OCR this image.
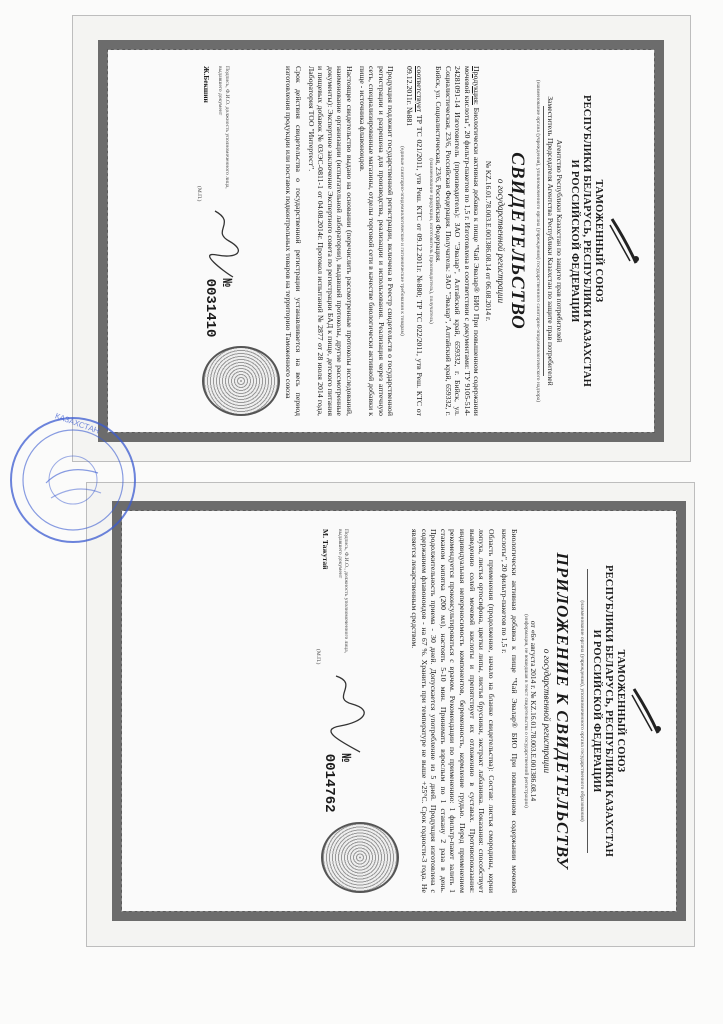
ТАМОЖЕННЫЙ СОЮЗ
РЕСПУБЛИКИ БЕЛАРУСЬ, РЕСПУБЛИКИ КАЗАХСТАН
И РОССИЙСКОЙ ФЕДЕРАЦИИ
Агентство Республики Казахстан по защите прав потребителей
Заместитель Председателя Агентства Республики Казахстан по защите прав потребителей
(наименование органа (учреждения), уполномоченного органа (учреждения) государственного санитарно-эпидемиологического надзора)
СВИДЕТЕЛЬСТВО
о государственной регистрации
№ KZ.16.01.78.003.Е.001386.08.14 от 06.08.2014 г.
Продукция: Биологически активная добавка к пище "Чай Эвалар® БИО При повышенном содержании мочевой кислоты", 20 фильтр-пакетов по 1,5 г. Изготовлена в соответствии с документами: ТУ 9105-514-24281091-14 Изготовитель (производитель): ЗАО "Эвалар", Алтайский край, 659332, г. Бийск, ул. Социалистическая, 23/6, Российская Федерация. Получатель: ЗАО "Эвалар", Алтайский край, 659332, г. Бийск, ул. Социалистическая, 23/6, Российская Федерация.
(наименование продукции, изготовитель (производитель), получатель)
соответствует ТР ТС 021/2011, утв Реш. КТС от 09.12.2011г. №880; ТР ТС 022/2011, утв Реш. КТС от 09.12.2011г. №881
(единые санитарно-эпидемиологические и гигиенические требования к товарам)
Продукция подлежит государственной регистрации, включена в Реестр свидетельств о государственной регистрации и разрешена для производства, реализации и использования. Реализация через аптечную сеть, специализированные магазины, отделы торговой сети в качестве биологически активной добавки к пище - источника флавоноидов.
Настоящее свидетельство выдано на основании (перечислить рассмотренные протоколы исследований, наименование организации (испытательной лаборатории), выдавшей протоколы, другие рассмотренные документы): Экспертное заключение Экспертного совета по регистрации БАД к пище, детского питания и пищевых добавок № 03/ЭС-0811-1 от 04.08.2014г. Протокол испытаний № 2877 от 28 июля 2014 года, Лаборатория ТОО "Интертест".
Срок действия свидетельства о государственной регистрации устанавливается на весь период изготовления продукции или поставок подконтрольных товаров на территорию Таможенного союза
Подпись, Ф.И.О. должность уполномоченного лица, выдавшего документ
Ж.Бекшин
№ 0031410
(М.П.)
ТАМОЖЕННЫЙ СОЮЗ
РЕСПУБЛИКИ БЕЛАРУСЬ, РЕСПУБЛИКИ КАЗАХСТАН
И РОССИЙСКОЙ ФЕДЕРАЦИИ
(наименование органа (учреждения), уполномоченного органа государственного образования)
ПРИЛОЖЕНИЕ К СВИДЕТЕЛЬСТВУ
о государственной регистрации
от «6» августа 2014 г. № KZ.16.01.78.003.Е.001386.08.14
(информация, не вошедшая в текст свидетельства о государственной регистрации)
Биологически активная добавка к пище "Чай Эвалар® БИО При повышенном содержании мочевой кислоты", 20 фильтр-пакетов по 1,5 г.
Область применения (продолжение, начало на бланке свидетельства): Состав: листья смородины, корни лопуха, листья ортосифона, цветки липы, листья брусники, экстракт лабазника. Показания: способствует выведению солей мочевой кислоты и препятствует их отложению в суставах. Противопоказания: индивидуальная непереносимость компонентов, беременность, кормление грудью. Перед применением рекомендуется проконсультироваться с врачом. Рекомендации по применению: 1 фильтр-пакет залить 1 стаканом кипятка (200 мл), настоять 5-10 мин. Принимать взрослым по 1 стакану 2 раза в день. Продолжительность приема - 30 дней. Допускается употребление из 5 дней. Продукция изготовлена с содержанием флавоноидов - на 67 %. Хранить при температуре не выше +25°С. Срок годности-3 года. Не является лекарственным средством.
Подпись, Ф.И.О., должность уполномоченного лица, выдавшего документ
М. Тажутай
№ 0014762
(М.П.)
КАЗАХСТАН
